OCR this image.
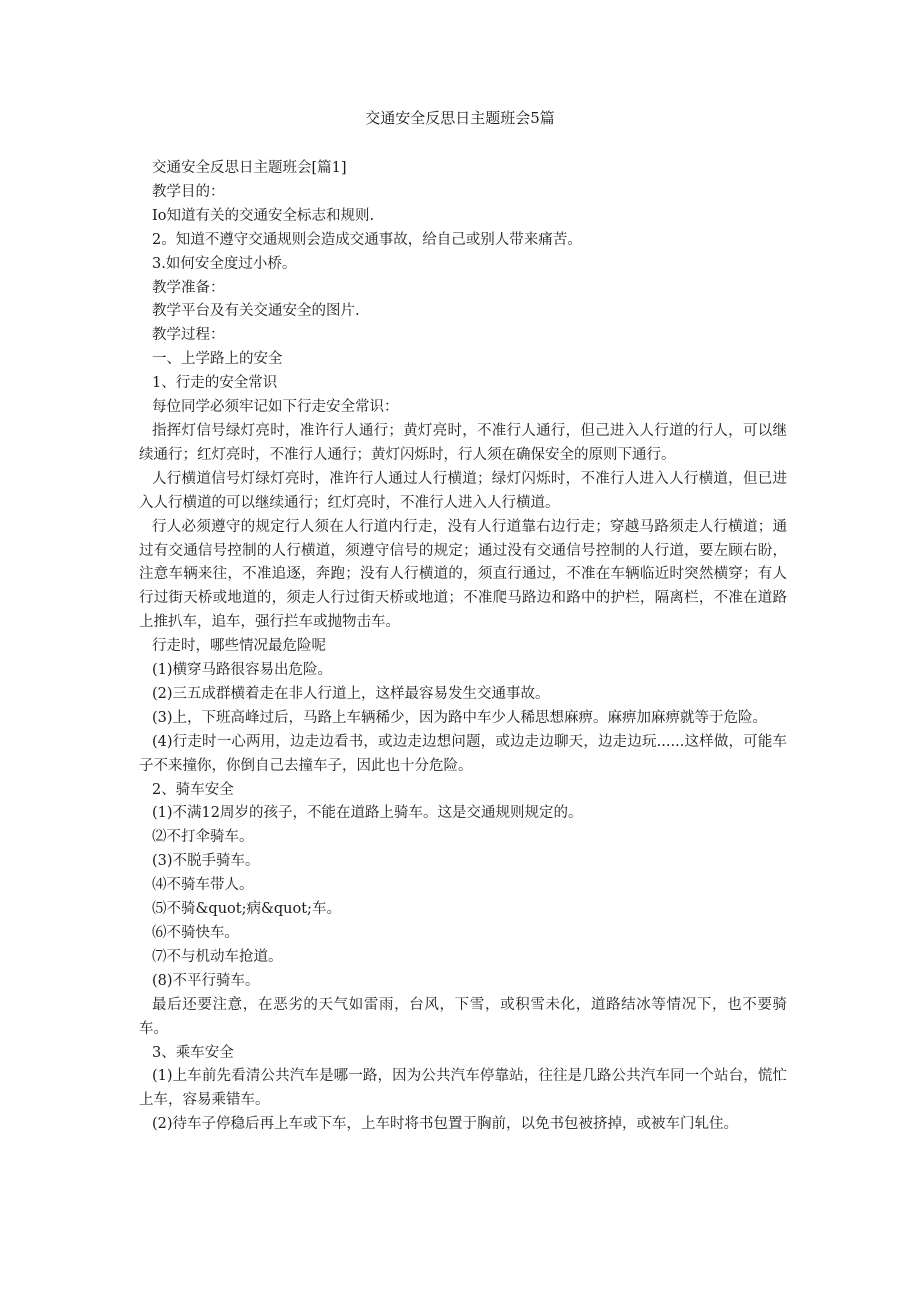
交通安全反思日主题班会5篇

交通安全反思日主题班会[篇1]

教学目的：

Io知道有关的交通安全标志和规则.

2。知道不遵守交通规则会造成交通事故，给自己或别人带来痛苦。

3.如何安全度过小桥。

教学准备：

教学平台及有关交通安全的图片.

教学过程：

一、上学路上的安全

1、行走的安全常识

每位同学必须牢记如下行走安全常识：

指挥灯信号绿灯亮时，准许行人通行；黄灯亮时，不准行人通行，但己进入人行道的行人，可以继续通行；红灯亮时，不准行人通行；黄灯闪烁时，行人须在确保安全的原则下通行。

人行横道信号灯绿灯亮时，准许行人通过人行横道；绿灯闪烁时，不准行人进入人行横道，但已进入人行横道的可以继续通行；红灯亮时，不准行人进入人行横道。

行人必须遵守的规定行人须在人行道内行走，没有人行道靠右边行走；穿越马路须走人行横道；通过有交通信号控制的人行横道，须遵守信号的规定；通过没有交通信号控制的人行道，要左顾右盼，注意车辆来往，不准追逐，奔跑；没有人行横道的，须直行通过，不准在车辆临近时突然横穿；有人行过街天桥或地道的，须走人行过街天桥或地道；不准爬马路边和路中的护栏，隔离栏，不准在道路上推扒车，追车，强行拦车或抛物击车。

行走时，哪些情况最危险呢

(1)横穿马路很容易出危险。

(2)三五成群横着走在非人行道上，这样最容易发生交通事故。

(3)上，下班高峰过后，马路上车辆稀少，因为路中车少人稀思想麻痹。麻痹加麻痹就等于危险。

(4)行走时一心两用，边走边看书，或边走边想问题，或边走边聊天，边走边玩......这样做，可能车子不来撞你，你倒自己去撞车子，因此也十分危险。

2、骑车安全

(1)不满12周岁的孩子，不能在道路上骑车。这是交通规则规定的。

⑵不打伞骑车。

(3)不脱手骑车。

⑷不骑车带人。

⑸不骑&quot;病&quot;车。

⑹不骑快车。

⑺不与机动车抢道。

(8)不平行骑车。

最后还要注意，在恶劣的天气如雷雨，台风，下雪，或积雪未化，道路结冰等情况下，也不要骑车。

3、乘车安全

(1)上车前先看清公共汽车是哪一路，因为公共汽车停靠站，往往是几路公共汽车同一个站台，慌忙上车，容易乘错车。

(2)待车子停稳后再上车或下车，上车时将书包置于胸前，以免书包被挤掉，或被车门轧住。
